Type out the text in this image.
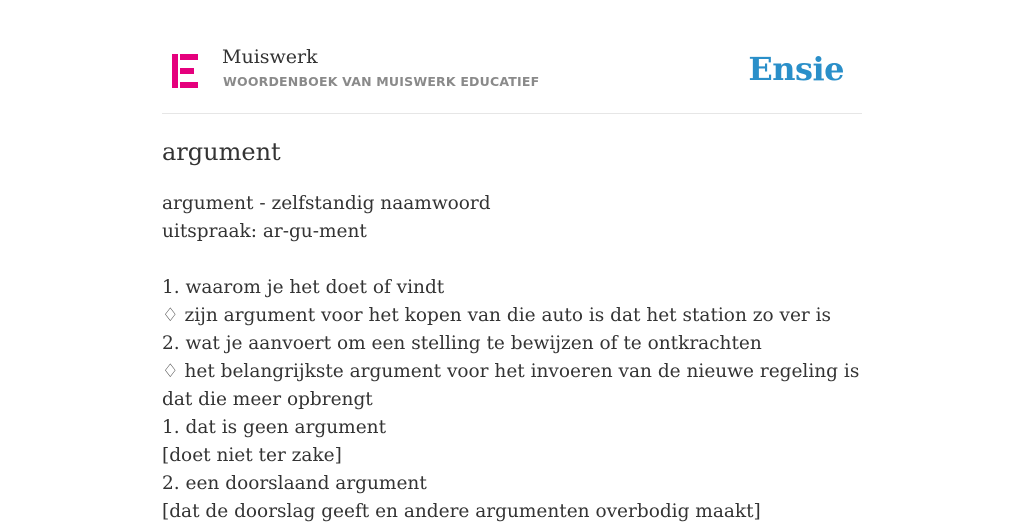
Muiswerk
WOORDENBOEK VAN MUISWERK EDUCATIEF	Ensie
argument
argument - zelfstandig naamwoord
uitspraak: ar-gu-ment
1. waarom je het doet of vindt
♢ zijn argument voor het kopen van die auto is dat het station zo ver is
2. wat je aanvoert om een stelling te bewijzen of te ontkrachten
♢ het belangrijkste argument voor het invoeren van de nieuwe regeling is dat die meer opbrengt
1. dat is geen argument
[doet niet ter zake]
2. een doorslaand argument
[dat de doorslag geeft en andere argumenten overbodig maakt]
